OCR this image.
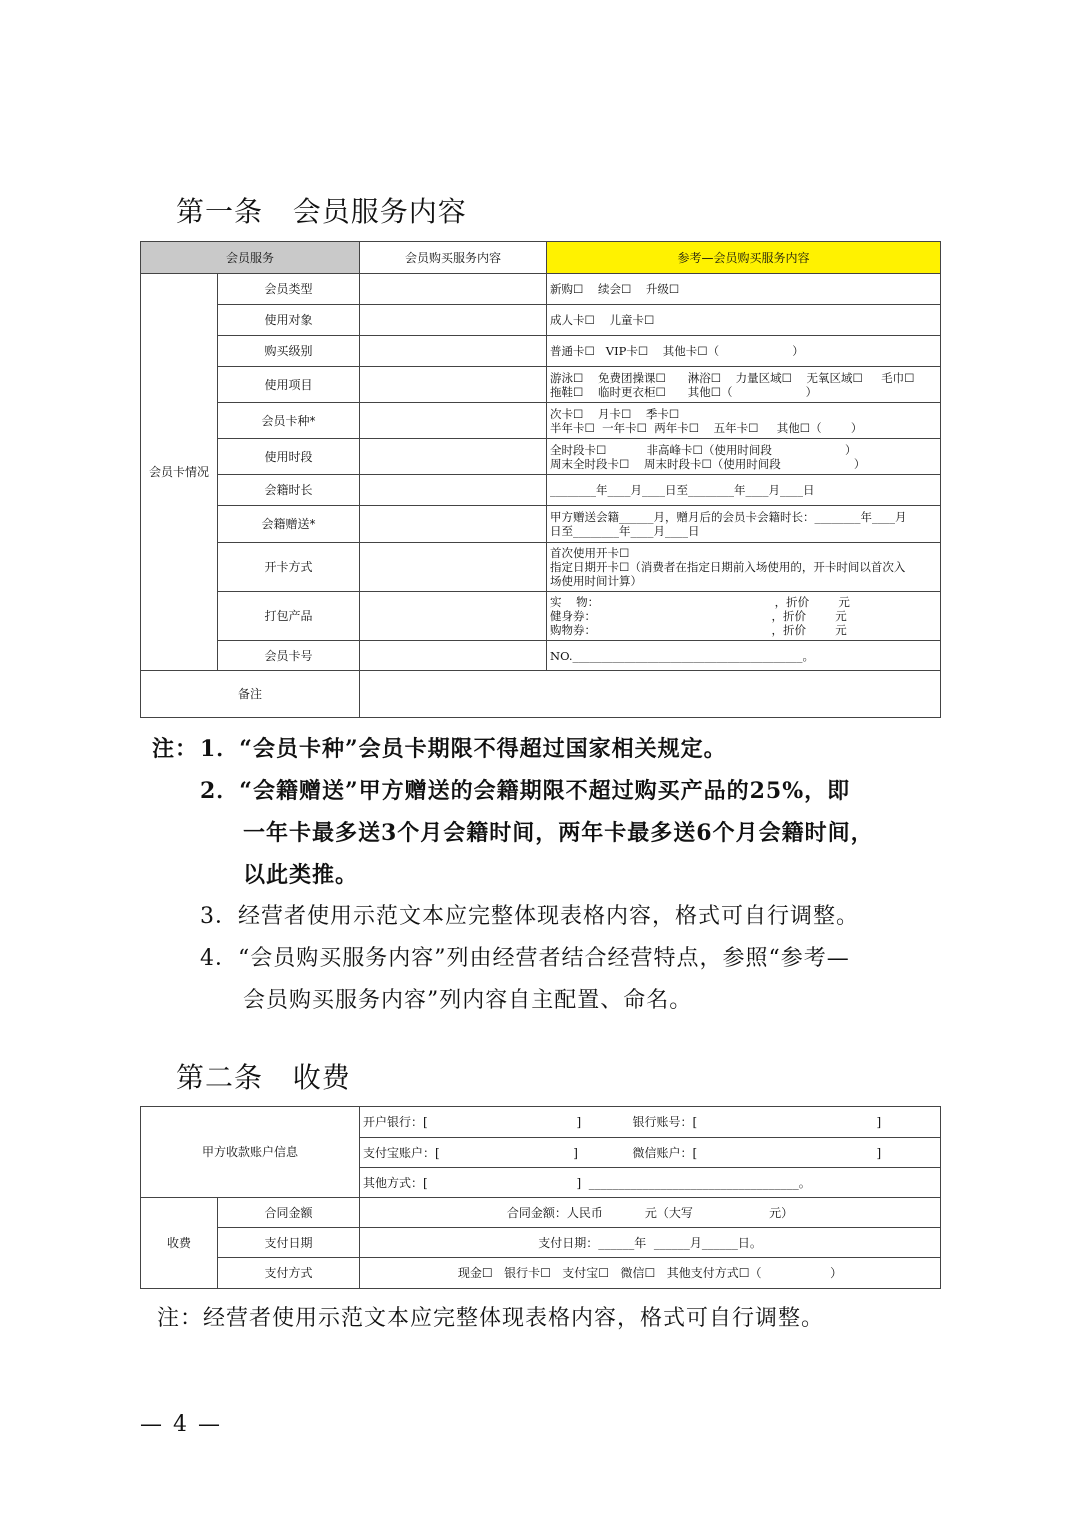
第一条   会员服务内容
会员服务		会员购买服务内容	参考—会员购买服务内容
会员卡情况	会员类型		新购☐    续会☐    升级☐
	使用对象		成人卡☐    儿童卡☐
	购买级别		普通卡☐   VIP卡☐    其他卡☐（                    ）
	使用项目		游泳☐    免费团操课☐      淋浴☐    力量区域☐    无氧区域☐     毛巾☐
拖鞋☐    临时更衣柜☐      其他☐（                    ）
	会员卡种*		次卡☐    月卡☐    季卡☐
半年卡☐  一年卡☐  两年卡☐    五年卡☐     其他☐（        ）
	使用时段		全时段卡☐           非高峰卡☐（使用时间段                    ）
周末全时段卡☐    周末时段卡☐（使用时间段                    ）
	会籍时长		________年____月____日至________年____月____日
	会籍赠送*		甲方赠送会籍______月，赠月后的会员卡会籍时长：________年____月
日至________年____月____日
	开卡方式		首次使用开卡☐
指定日期开卡☐（消费者在指定日期前入场使用的，开卡时间以首次入
场使用时间计算）
	打包产品		实    物：                                                ，折价        元
健身券：                                                ，折价        元
购物券：                                                ，折价        元
	会员卡号		NO.________________________________________。
备注			
注： 1．“会员卡种”会员卡期限不得超过国家相关规定。
2．“会籍赠送”甲方赠送的会籍期限不超过购买产品的25%，即
一年卡最多送3个月会籍时间，两年卡最多送6个月会籍时间，
以此类推。
3．经营者使用示范文本应完整体现表格内容，格式可自行调整。
4．“会员购买服务内容”列由经营者结合经营特点，参照“参考—
会员购买服务内容”列内容自主配置、命名。
第二条   收费
甲方收款账户信息		开户银行：[                                       ]	银行账号：[                                               ]
		支付宝账户：[                                   ]	微信账户：[                                               ]
		其他方式：[                                       ]  ___________________________________。	
收费	合同金额	合同金额：人民币           元（大写                    元）	
	支付日期	支付日期：______年  ______月______日。	
	支付方式	现金☐   银行卡☐   支付宝☐   微信☐   其他支付方式☐（                  ）	
注：经营者使用示范文本应完整体现表格内容，格式可自行调整。
— 4 —
